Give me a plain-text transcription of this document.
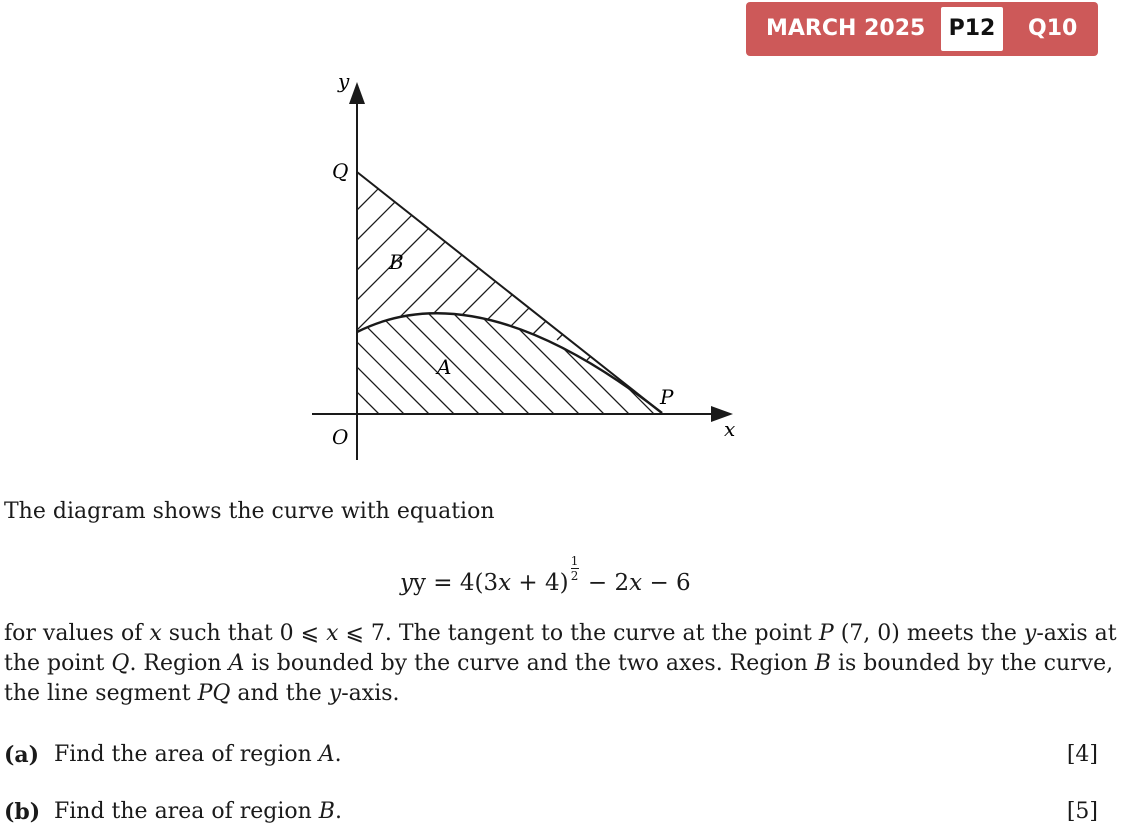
MARCH 2025	P12	Q10
y
x
O
Q
P
B
A
The diagram shows the curve with equation
yy = 4(3x + 4)
$\frac{1}{2}$
− 2x − 6
for values of x such that 0 ⩽ x ⩽ 7. The tangent to the curve at the point P (7, 0) meets the y-axis at the point Q. Region A is bounded by the curve and the two axes. Region B is bounded by the curve, the line segment PQ and the y-axis.
(a) Find the area of region A.	[4]
(b) Find the area of region B.	[5]
